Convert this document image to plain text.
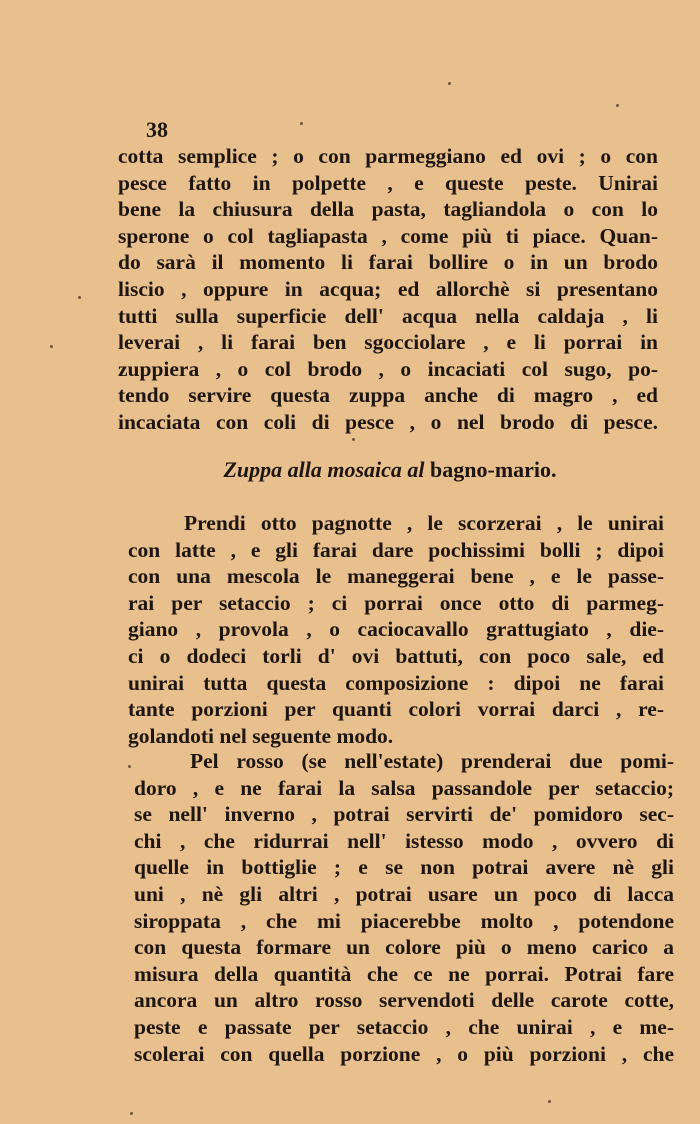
38
cotta semplice ; o con parmeggiano ed ovi ; o con
pesce fatto in polpette , e queste peste. Unirai
bene la chiusura della pasta, tagliandola o con lo
sperone o col tagliapasta , come più ti piace. Quan-
do sarà il momento li farai bollire o in un brodo
liscio , oppure in acqua; ed allorchè si presentano
tutti sulla superficie dell' acqua nella caldaja , li
leverai , li farai ben sgocciolare , e li porrai in
zuppiera , o col brodo , o incaciati col sugo, po-
tendo servire questa zuppa anche di magro , ed
incaciata con coli di pesce , o nel brodo di pesce.
Zuppa alla mosaica al bagno-mario.
Prendi otto pagnotte , le scorzerai , le unirai
con latte , e gli farai dare pochissimi bolli ; dipoi
con una mescola le maneggerai bene , e le passe-
rai per setaccio ; ci porrai once otto di parmeg-
giano , provola , o caciocavallo grattugiato , die-
ci o dodeci torli d' ovi battuti, con poco sale, ed
unirai tutta questa composizione : dipoi ne farai
tante porzioni per quanti colori vorrai darci , re-
golandoti nel seguente modo.
Pel rosso (se nell'estate) prenderai due pomi-
doro , e ne farai la salsa passandole per setaccio;
se nell' inverno , potrai servirti de' pomidoro sec-
chi , che ridurrai nell' istesso modo , ovvero di
quelle in bottiglie ; e se non potrai avere nè gli
uni , nè gli altri , potrai usare un poco di lacca
siroppata , che mi piacerebbe molto , potendone
con questa formare un colore più o meno carico a
misura della quantità che ce ne porrai. Potrai fare
ancora un altro rosso servendoti delle carote cotte,
peste e passate per setaccio , che unirai , e me-
scolerai con quella porzione , o più porzioni , che
